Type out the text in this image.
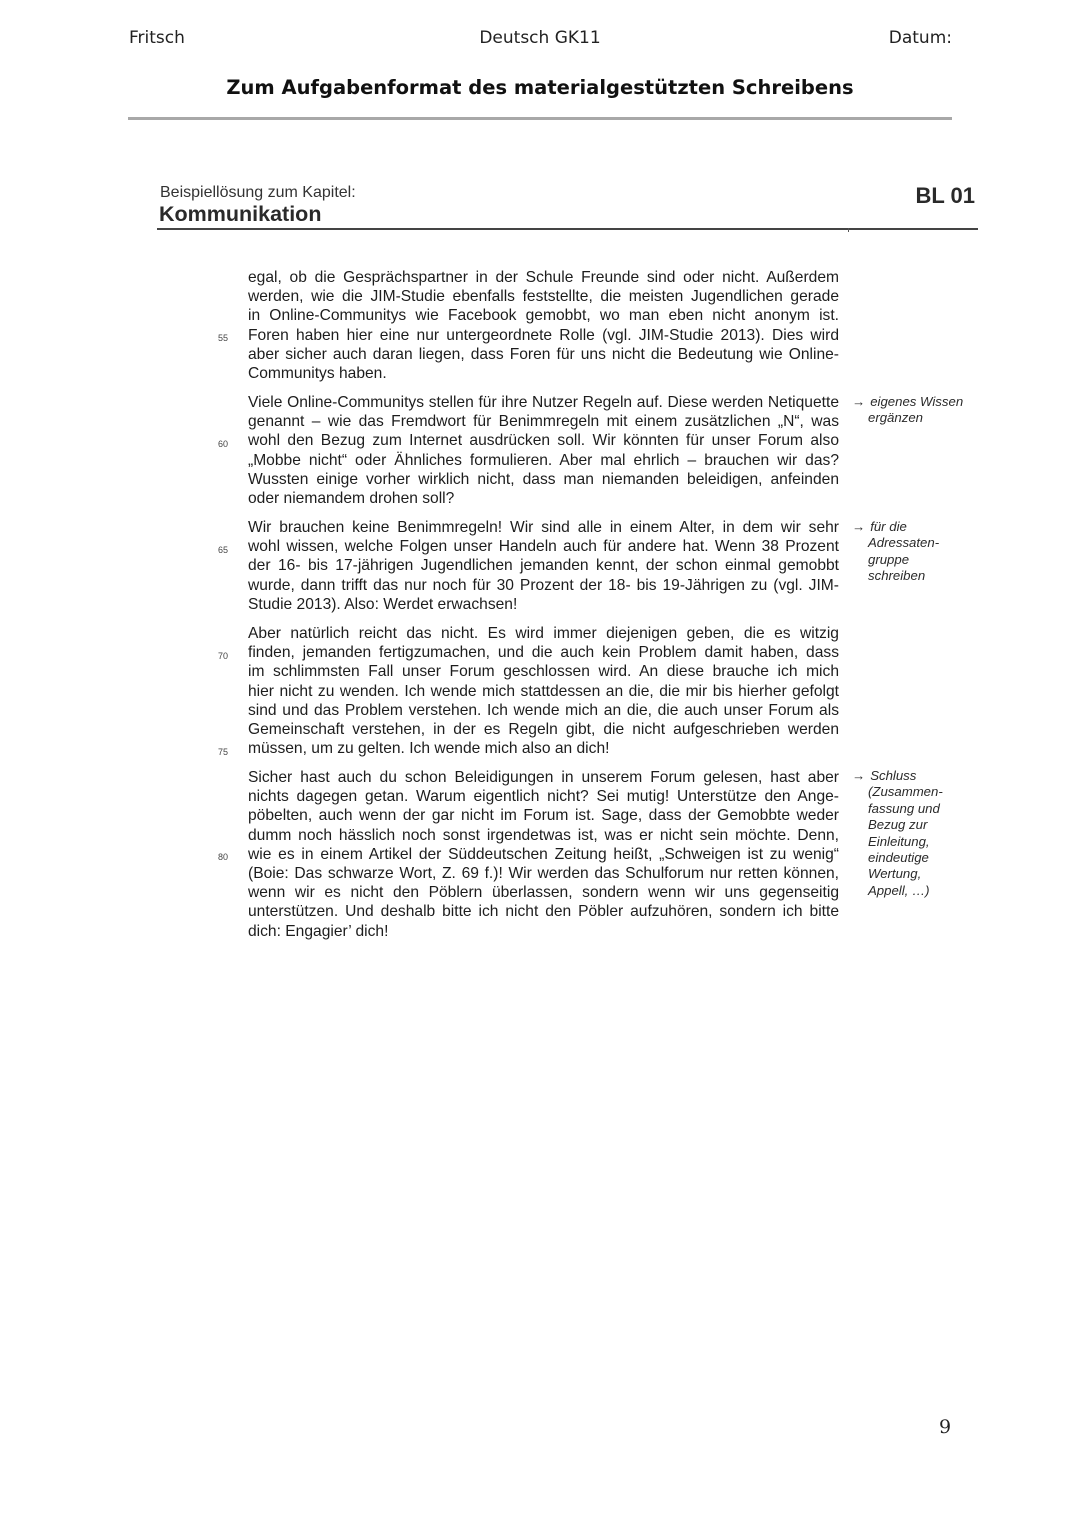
Fritsch	Deutsch GK11	Datum:
Zum Aufgabenformat des materialgestützten Schreibens
Beispiellösung zum Kapitel:
Kommunikation
BL 01
egal, ob die Gesprächspartner in der Schule Freunde sind oder nicht. Außerdem
werden, wie die JIM-Studie ebenfalls feststellte, die meisten Jugendlichen gerade
in Online-Communitys wie Facebook gemobbt, wo man eben nicht anonym ist.
Foren haben hier eine nur untergeordnete Rolle (vgl. JIM-Studie 2013). Dies wird
aber sicher auch daran liegen, dass Foren für uns nicht die Bedeutung wie Online-
Communitys haben.
Viele Online-Communitys stellen für ihre Nutzer Regeln auf. Diese werden Netiquette
genannt – wie das Fremdwort für Benimmregeln mit einem zusätzlichen „N“, was
wohl den Bezug zum Internet ausdrücken soll. Wir könnten für unser Forum also
„Mobbe nicht“ oder Ähnliches formulieren. Aber mal ehrlich – brauchen wir das?
Wussten einige vorher wirklich nicht, dass man niemanden beleidigen, anfeinden
oder niemandem drohen soll?
Wir brauchen keine Benimmregeln! Wir sind alle in einem Alter, in dem wir sehr
wohl wissen, welche Folgen unser Handeln auch für andere hat. Wenn 38 Prozent
der 16- bis 17-jährigen Jugendlichen jemanden kennt, der schon einmal gemobbt
wurde, dann trifft das nur noch für 30 Prozent der 18- bis 19-Jährigen zu (vgl. JIM-
Studie 2013). Also: Werdet erwachsen!
Aber natürlich reicht das nicht. Es wird immer diejenigen geben, die es witzig
finden, jemanden fertigzumachen, und die auch kein Problem damit haben, dass
im schlimmsten Fall unser Forum geschlossen wird. An diese brauche ich mich
hier nicht zu wenden. Ich wende mich stattdessen an die, die mir bis hierher gefolgt
sind und das Problem verstehen. Ich wende mich an die, die auch unser Forum als
Gemeinschaft verstehen, in der es Regeln gibt, die nicht aufgeschrieben werden
müssen, um zu gelten. Ich wende mich also an dich!
Sicher hast auch du schon Beleidigungen in unserem Forum gelesen, hast aber
nichts dagegen getan. Warum eigentlich nicht? Sei mutig! Unterstütze den Ange-
pöbelten, auch wenn der gar nicht im Forum ist. Sage, dass der Gemobbte weder
dumm noch hässlich noch sonst irgendetwas ist, was er nicht sein möchte. Denn,
wie es in einem Artikel der Süddeutschen Zeitung heißt, „Schweigen ist zu wenig“
(Boie: Das schwarze Wort, Z. 69 f.)! Wir werden das Schulforum nur retten können,
wenn wir es nicht den Pöblern überlassen, sondern wenn wir uns gegenseitig
unterstützen. Und deshalb bitte ich nicht den Pöbler aufzuhören, sondern ich bitte
dich: Engagier’ dich!
55
60
65
70
75
80
→ eigenes Wissen
ergänzen
→ für die
Adressaten-
gruppe
schreiben
→ Schluss
(Zusammen-
fassung und
Bezug zur
Einleitung,
eindeutige
Wertung,
Appell, …)
9
